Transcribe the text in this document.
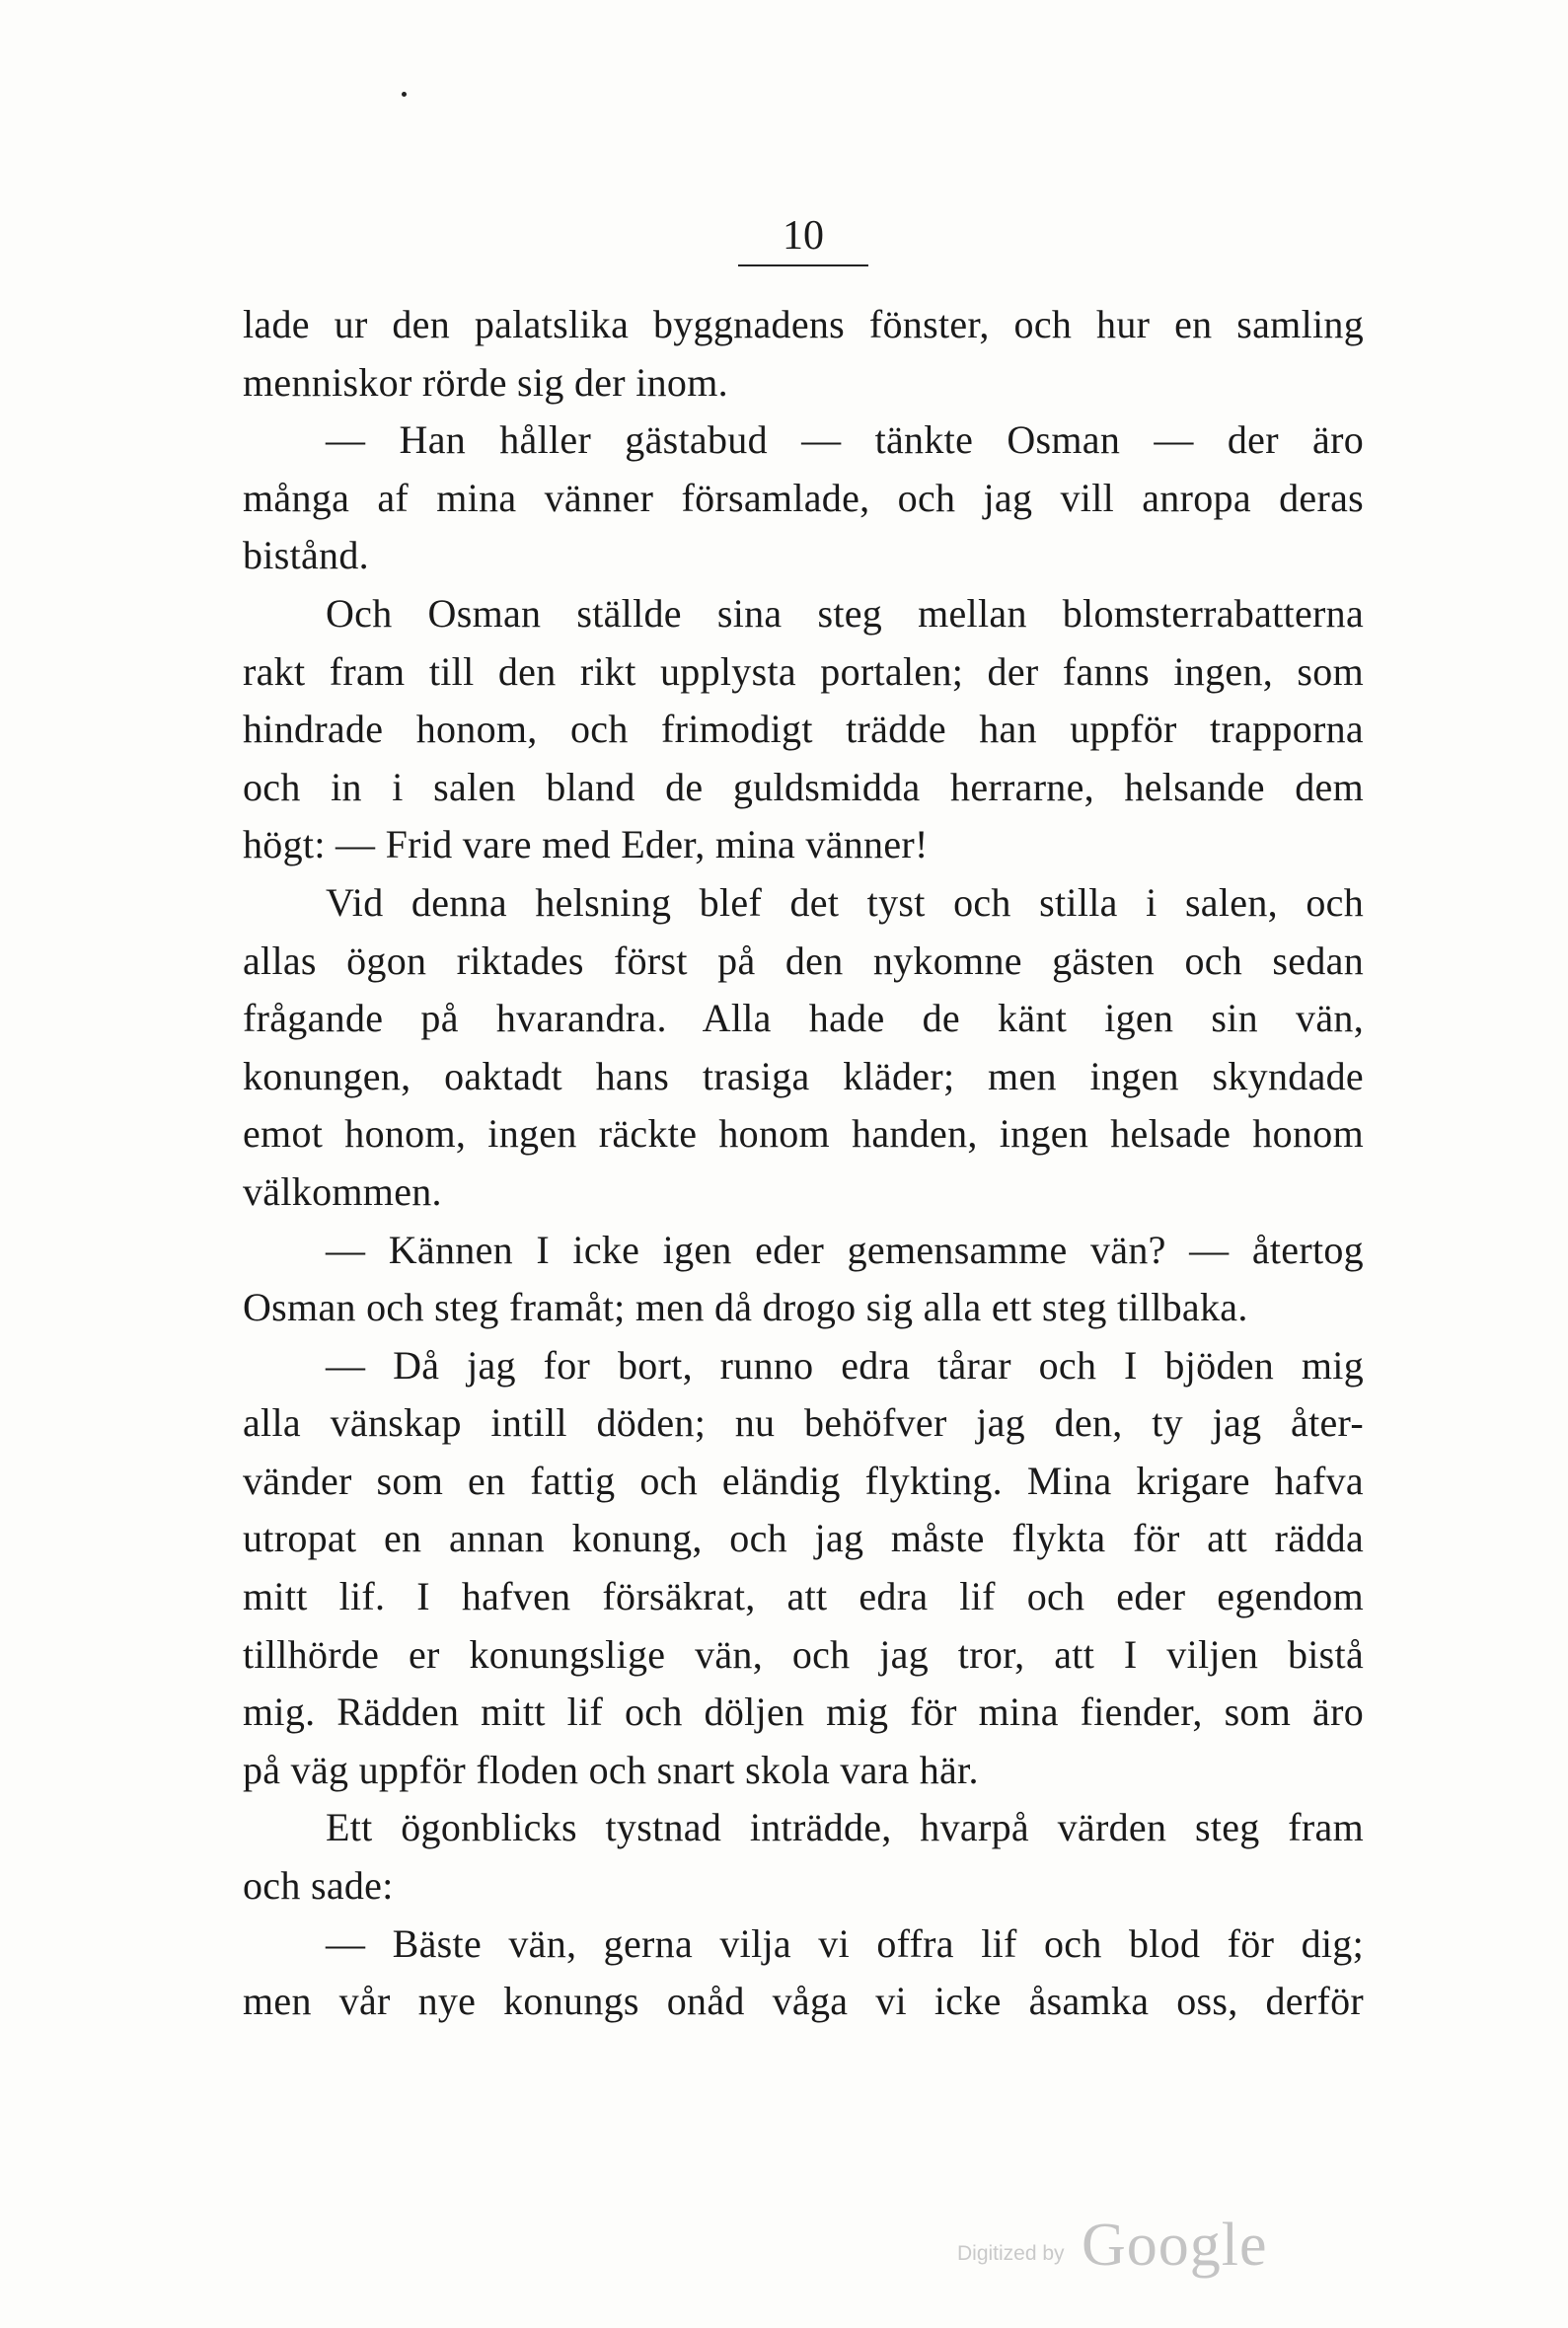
10
lade ur den palatslika byggnadens fönster, och hur en samling
menniskor rörde sig der inom.
— Han håller gästabud — tänkte Osman — der äro
många af mina vänner församlade, och jag vill anropa deras
bistånd.
Och Osman ställde sina steg mellan blomsterrabatterna
rakt fram till den rikt upplysta portalen; der fanns ingen, som
hindrade honom, och frimodigt trädde han uppför trapporna
och in i salen bland de guldsmidda herrarne, helsande dem
högt: — Frid vare med Eder, mina vänner!
Vid denna helsning blef det tyst och stilla i salen, och
allas ögon riktades först på den nykomne gästen och sedan
frågande på hvarandra. Alla hade de känt igen sin vän,
konungen, oaktadt hans trasiga kläder; men ingen skyndade
emot honom, ingen räckte honom handen, ingen helsade honom
välkommen.
— Kännen I icke igen eder gemensamme vän? — återtog
Osman och steg framåt; men då drogo sig alla ett steg tillbaka.
— Då jag for bort, runno edra tårar och I bjöden mig
alla vänskap intill döden; nu behöfver jag den, ty jag åter-
vänder som en fattig och eländig flykting. Mina krigare hafva
utropat en annan konung, och jag måste flykta för att rädda
mitt lif. I hafven försäkrat, att edra lif och eder egendom
tillhörde er konungslige vän, och jag tror, att I viljen bistå
mig. Rädden mitt lif och döljen mig för mina fiender, som äro
på väg uppför floden och snart skola vara här.
Ett ögonblicks tystnad inträdde, hvarpå värden steg fram
och sade:
— Bäste vän, gerna vilja vi offra lif och blod för dig;
men vår nye konungs onåd våga vi icke åsamka oss, derför
Digitized by Google
